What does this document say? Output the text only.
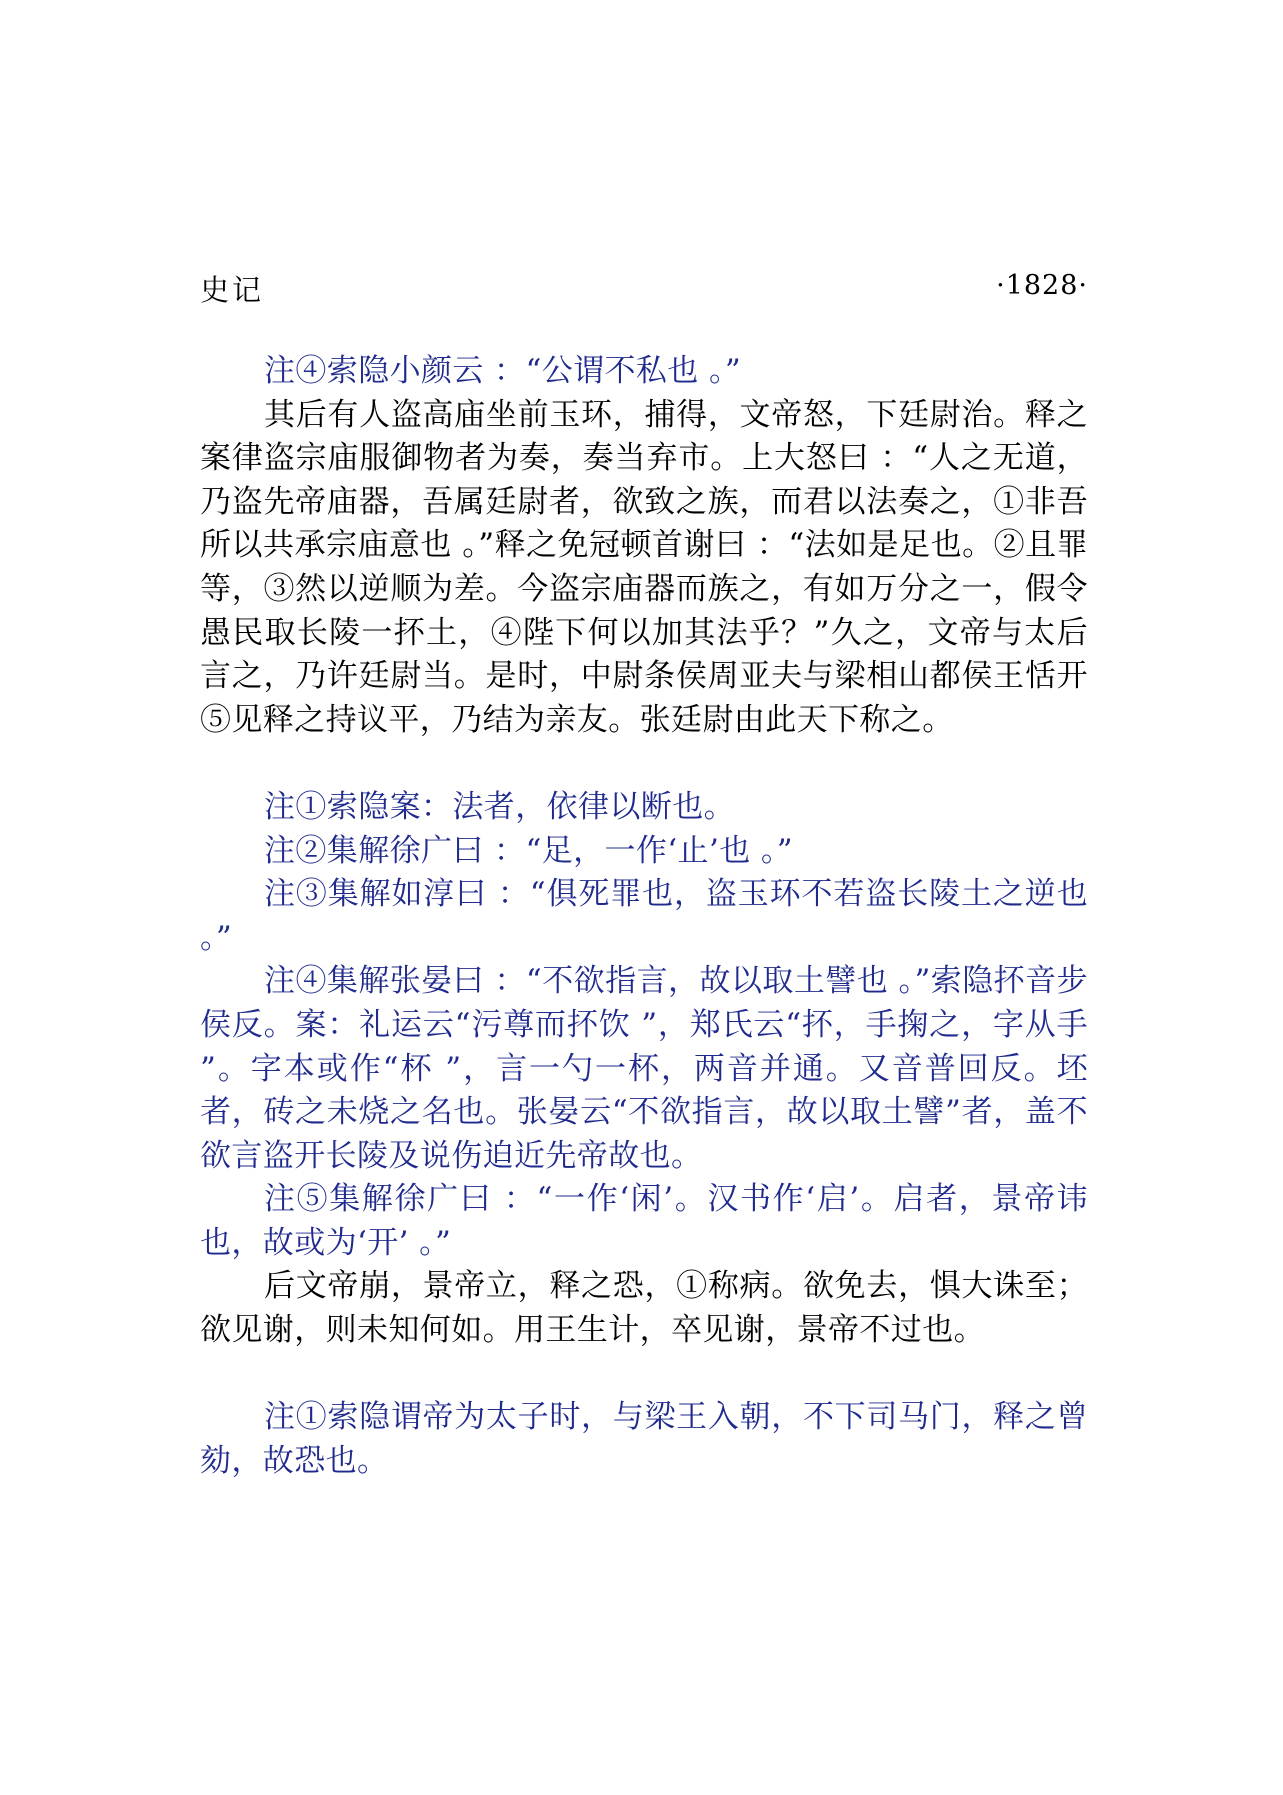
史记	·1828·

注④索隐小颜云 ：“公谓不私也 。”

其后有人盗高庙坐前玉环，捕得，文帝怒，下廷尉治。释之案律盗宗庙服御物者为奏，奏当弃市。上大怒曰 ：“人之无道，乃盗先帝庙器，吾属廷尉者，欲致之族，而君以法奏之，①非吾所以共承宗庙意也 。”释之免冠顿首谢曰 ：“法如是足也。②且罪等，③然以逆顺为差。今盗宗庙器而族之，有如万分之一，假令愚民取长陵一抔土，④陛下何以加其法乎？”久之，文帝与太后言之，乃许廷尉当。是时，中尉条侯周亚夫与梁相山都侯王恬开⑤见释之持议平，乃结为亲友。张廷尉由此天下称之。

注①索隐案：法者，依律以断也。

注②集解徐广曰 ：“足，一作‘止’也 。”

注③集解如淳曰 ：“俱死罪也，盗玉环不若盗长陵土之逆也 。”

注④集解张晏曰 ：“不欲指言，故以取土譬也 。”索隐抔音步侯反。案：礼运云“污尊而抔饮 ”，郑氏云“抔，手掬之，字从手 ”。字本或作“杯 ”，言一勺一杯，两音并通。又音普回反。坯者，砖之未烧之名也。张晏云“不欲指言，故以取土譬”者，盖不欲言盗开长陵及说伤迫近先帝故也。

注⑤集解徐广曰 ：“一作‘闲’。汉书作‘启’。启者，景帝讳也，故或为‘开’ 。”

后文帝崩，景帝立，释之恐，①称病。欲免去，惧大诛至；欲见谢，则未知何如。用王生计，卒见谢，景帝不过也。

注①索隐谓帝为太子时，与梁王入朝，不下司马门，释之曾劾，故恐也。
